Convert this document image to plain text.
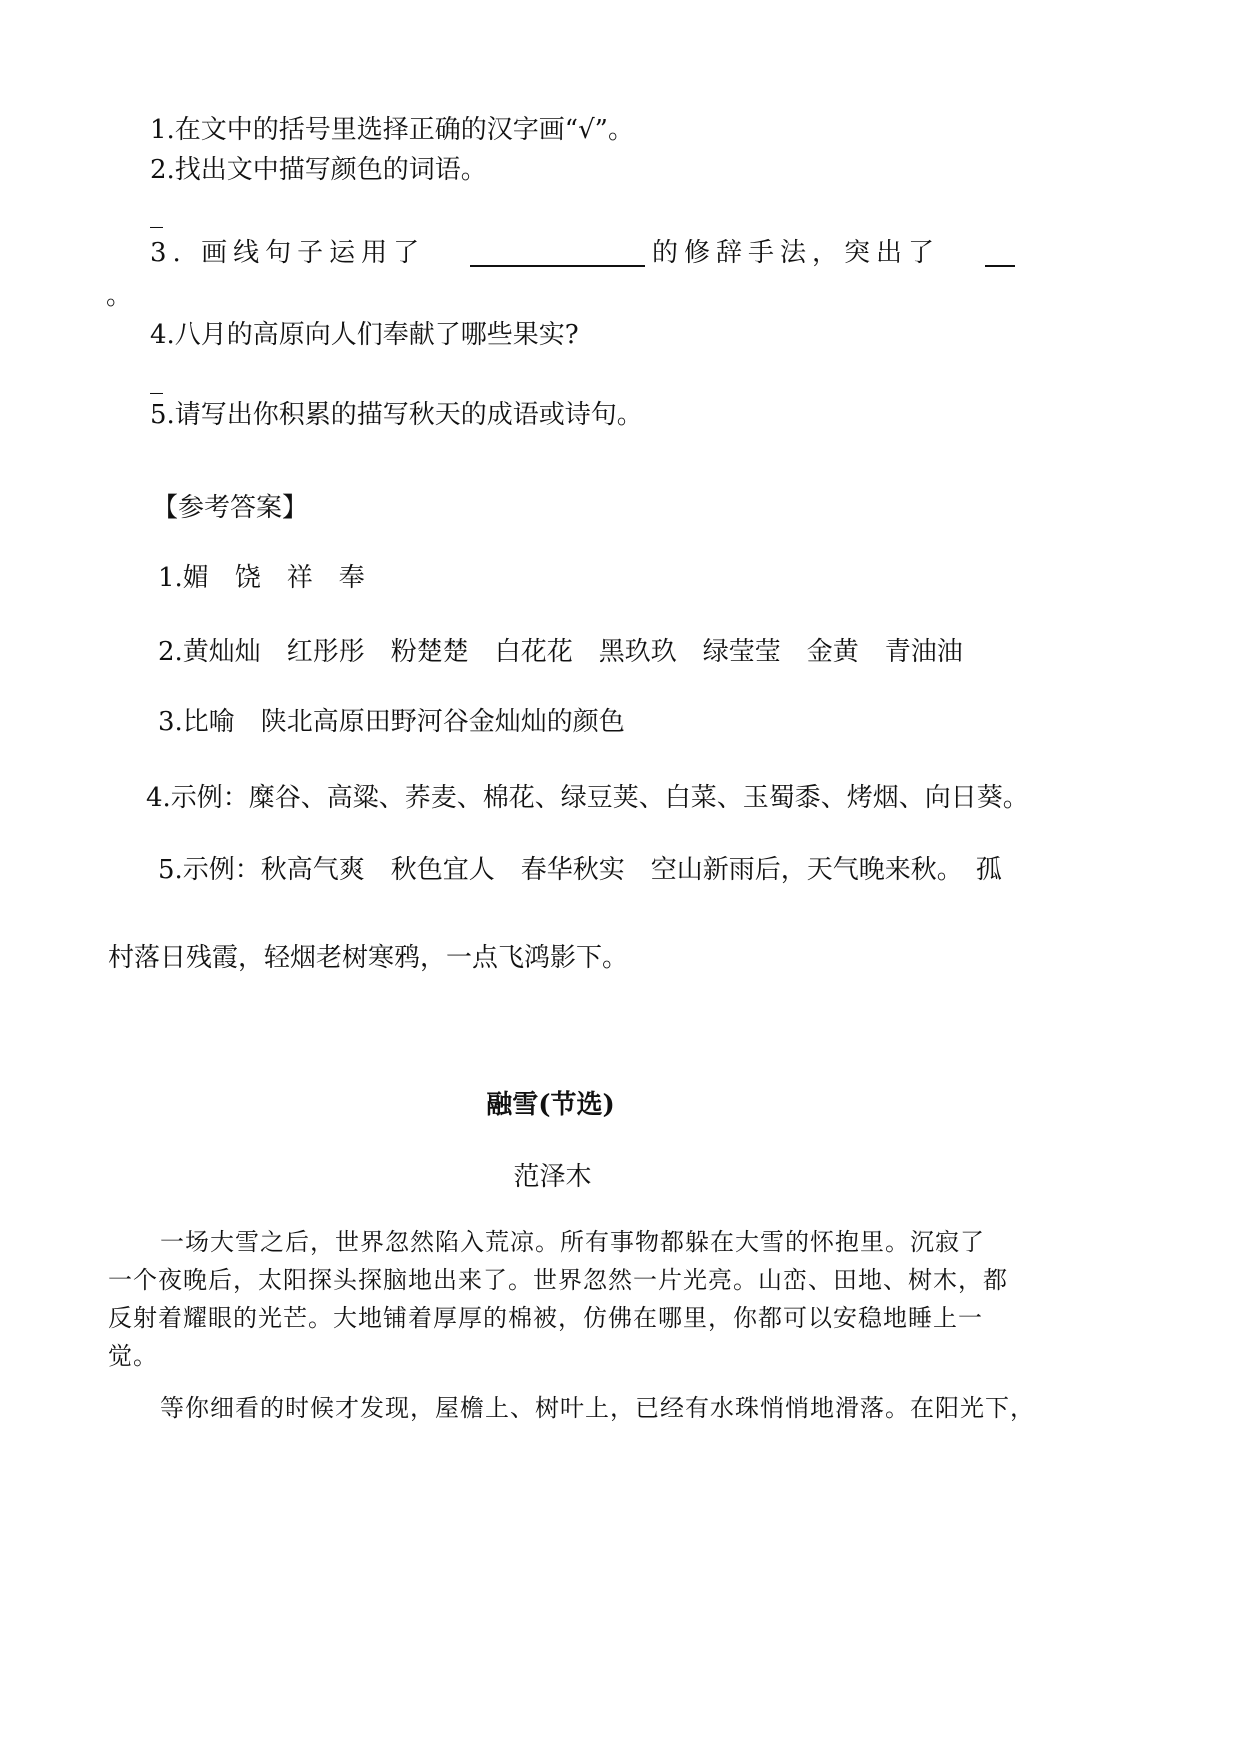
1.在文中的括号里选择正确的汉字画“√”。
2.找出文中描写颜色的词语。
_
3. 画线句子运用了	的修辞手法，突出了
。
4.八月的高原向人们奉献了哪些果实?
_
5.请写出你积累的描写秋天的成语或诗句。
【参考答案】
1.媚　饶　祥　奉
2.黄灿灿　红彤彤　粉楚楚　白花花　黑玖玖　绿莹莹　金黄　青油油
3.比喻　陕北高原田野河谷金灿灿的颜色
4.示例：糜谷、高粱、荞麦、棉花、绿豆荚、白菜、玉蜀黍、烤烟、向日葵。
5.示例：秋高气爽　秋色宜人　春华秋实　空山新雨后，天气晚来秋。　孤
村落日残霞，轻烟老树寒鸦，一点飞鸿影下。
融雪(节选)
范泽木
一场大雪之后，世界忽然陷入荒凉。所有事物都躲在大雪的怀抱里。沉寂了
一个夜晚后，太阳探头探脑地出来了。世界忽然一片光亮。山峦、田地、树木，都
反射着耀眼的光芒。大地铺着厚厚的棉被，仿佛在哪里，你都可以安稳地睡上一
觉。
等你细看的时候才发现，屋檐上、树叶上，已经有水珠悄悄地滑落。在阳光下，
